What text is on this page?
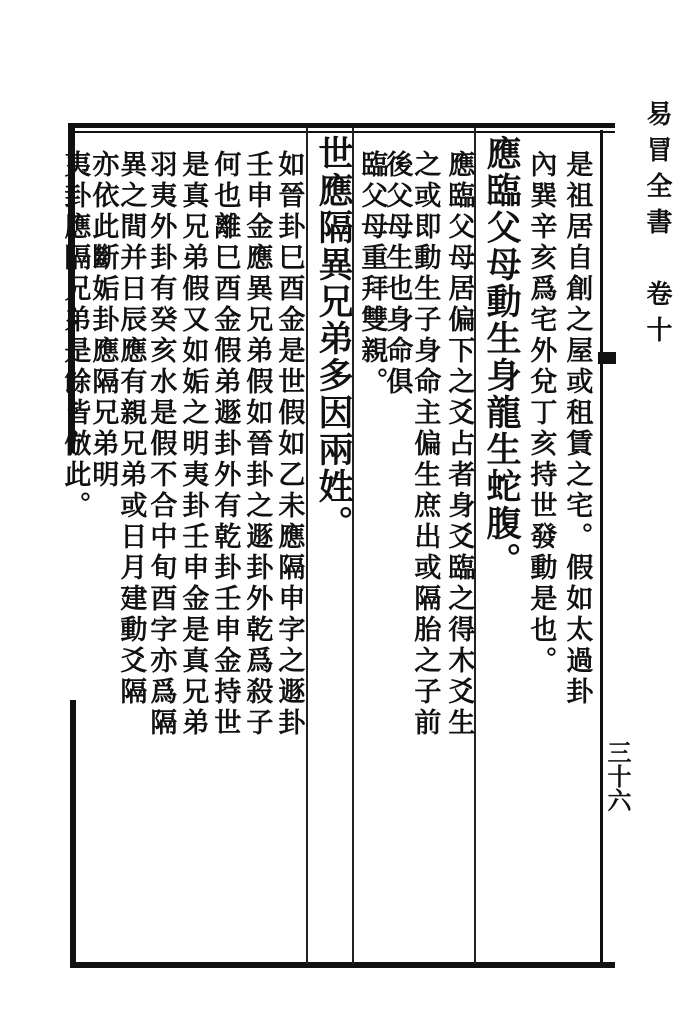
易冒全書　卷十
三十六
是祖居自創之屋或租賃之宅。假如太過卦
內巽辛亥爲宅外兌丁亥持世發動是也。
應臨父母動生身龍生蛇腹。
應臨父母居偏下之爻占者身爻臨之得木爻生
之或即動生子身命主偏生庶出或隔胎之子前
後父母生也身命俱
臨父母重拜雙親。
世應隔異兄弟多因兩姓。
如晉卦巳酉金是世假如乙未應隔申字之遯卦
壬申金應異兄弟假如晉卦之遯卦外乾爲殺子
何也離巳酉金假弟遯卦外有乾卦壬申金持世
是真兄弟假又如姤之明夷卦壬申金是真兄弟
羽夷外卦有癸亥水是假不合中旬酉字亦爲隔
異之間并日辰應有親兄弟或日月建動爻隔
亦依此斷姤卦應隔兄弟明
夷卦應隔兄弟是餘皆倣此。
